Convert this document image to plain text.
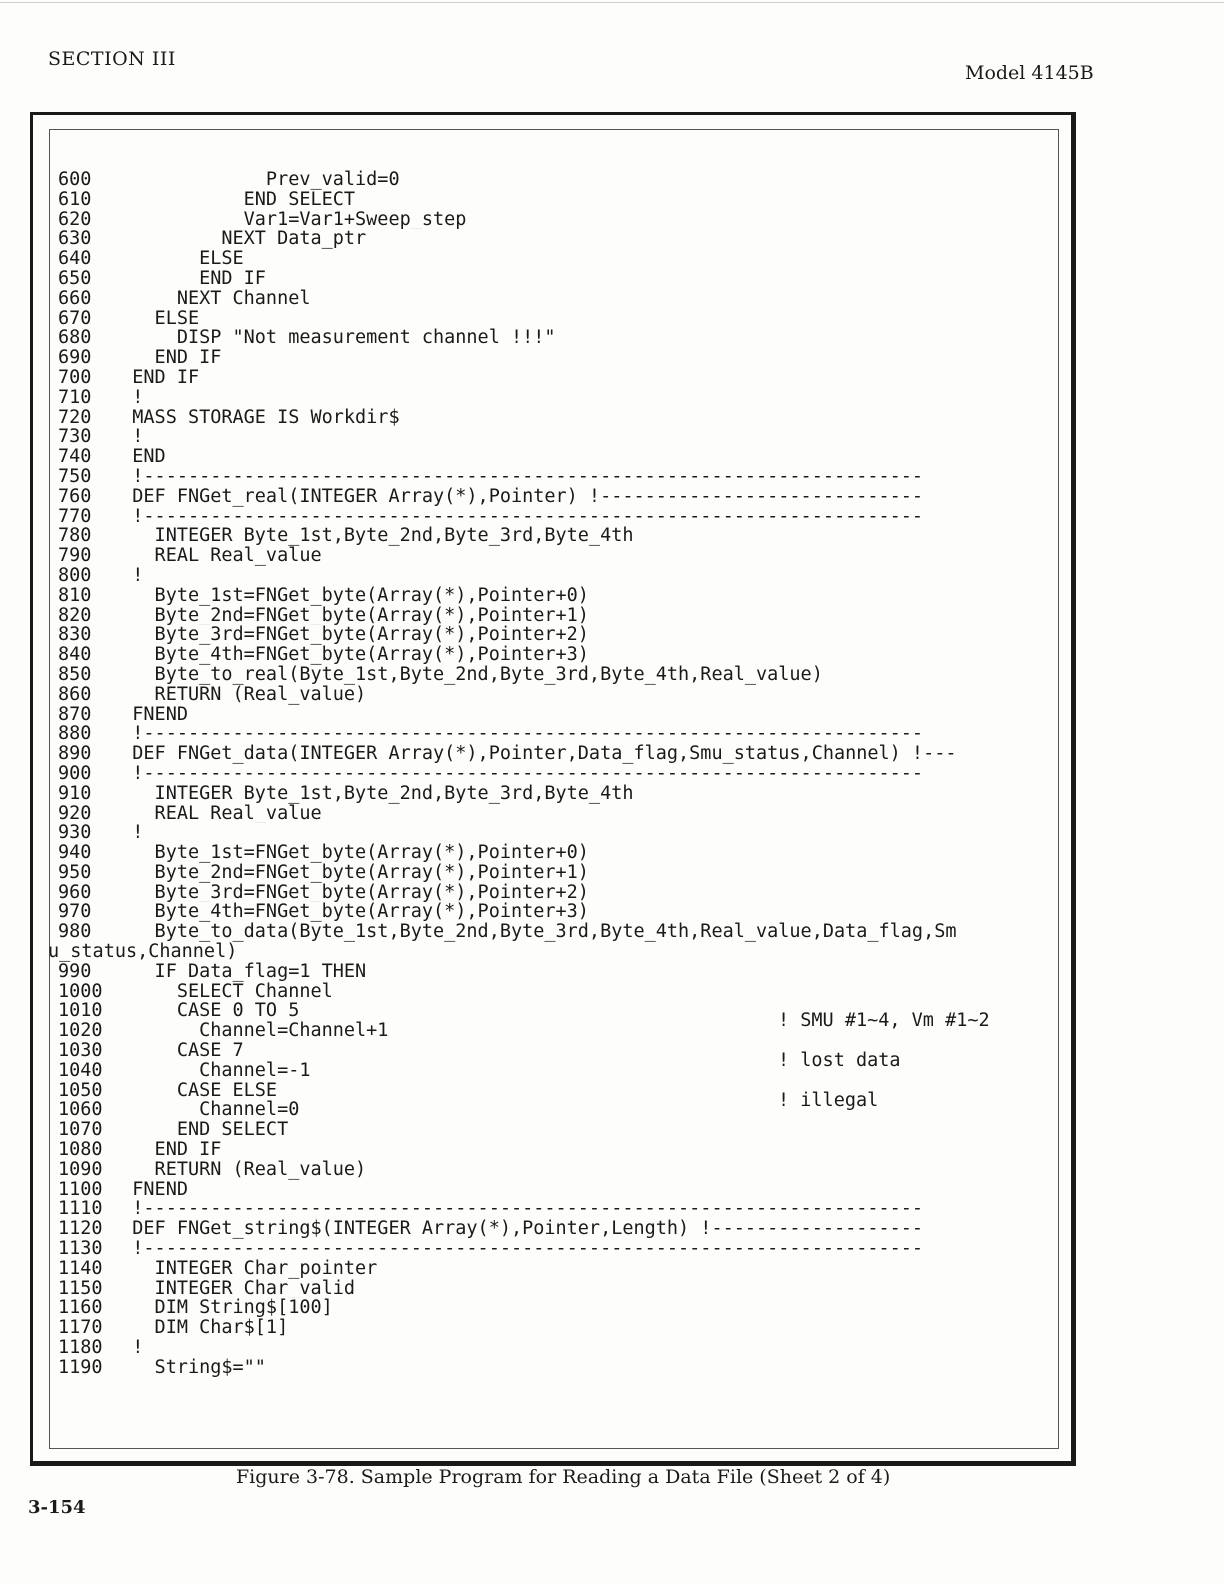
SECTION III
Model 4145B
! SMU #1~4, Vm #1~2
! lost data
! illegal
600              Prev_valid=0
610            END SELECT
620            Var1=Var1+Sweep_step
630          NEXT Data_ptr
640        ELSE
650        END IF
660      NEXT Channel
670    ELSE
680      DISP "Not measurement channel !!!"
690    END IF
700  END IF
710  !
720  MASS STORAGE IS Workdir$
730  !
740  END
750  !----------------------------------------------------------------------
760  DEF FNGet_real(INTEGER Array(*),Pointer) !-----------------------------
770  !----------------------------------------------------------------------
780    INTEGER Byte_1st,Byte_2nd,Byte_3rd,Byte_4th
790    REAL Real_value
800  !
810    Byte_1st=FNGet_byte(Array(*),Pointer+0)
820    Byte_2nd=FNGet_byte(Array(*),Pointer+1)
830    Byte_3rd=FNGet_byte(Array(*),Pointer+2)
840    Byte_4th=FNGet_byte(Array(*),Pointer+3)
850    Byte_to_real(Byte_1st,Byte_2nd,Byte_3rd,Byte_4th,Real_value)
860    RETURN (Real_value)
870  FNEND
880  !----------------------------------------------------------------------
890  DEF FNGet_data(INTEGER Array(*),Pointer,Data_flag,Smu_status,Channel) !---
900  !----------------------------------------------------------------------
910    INTEGER Byte_1st,Byte_2nd,Byte_3rd,Byte_4th
920    REAL Real_value
930  !
940    Byte_1st=FNGet_byte(Array(*),Pointer+0)
950    Byte_2nd=FNGet_byte(Array(*),Pointer+1)
960    Byte_3rd=FNGet_byte(Array(*),Pointer+2)
970    Byte_4th=FNGet_byte(Array(*),Pointer+3)
980    Byte_to_data(Byte_1st,Byte_2nd,Byte_3rd,Byte_4th,Real_value,Data_flag,Sm
u_status,Channel)
990    IF Data_flag=1 THEN
1000      SELECT Channel
1010      CASE 0 TO 5
1020        Channel=Channel+1
1030      CASE 7
1040        Channel=-1
1050      CASE ELSE
1060        Channel=0
1070      END SELECT
1080    END IF
1090    RETURN (Real_value)
1100  FNEND
1110  !----------------------------------------------------------------------
1120  DEF FNGet_string$(INTEGER Array(*),Pointer,Length) !-------------------
1130  !----------------------------------------------------------------------
1140    INTEGER Char_pointer
1150    INTEGER Char_valid
1160    DIM String$[100]
1170    DIM Char$[1]
1180  !
1190    String$=""
Figure 3-78. Sample Program for Reading a Data File (Sheet 2 of 4)
3-154
